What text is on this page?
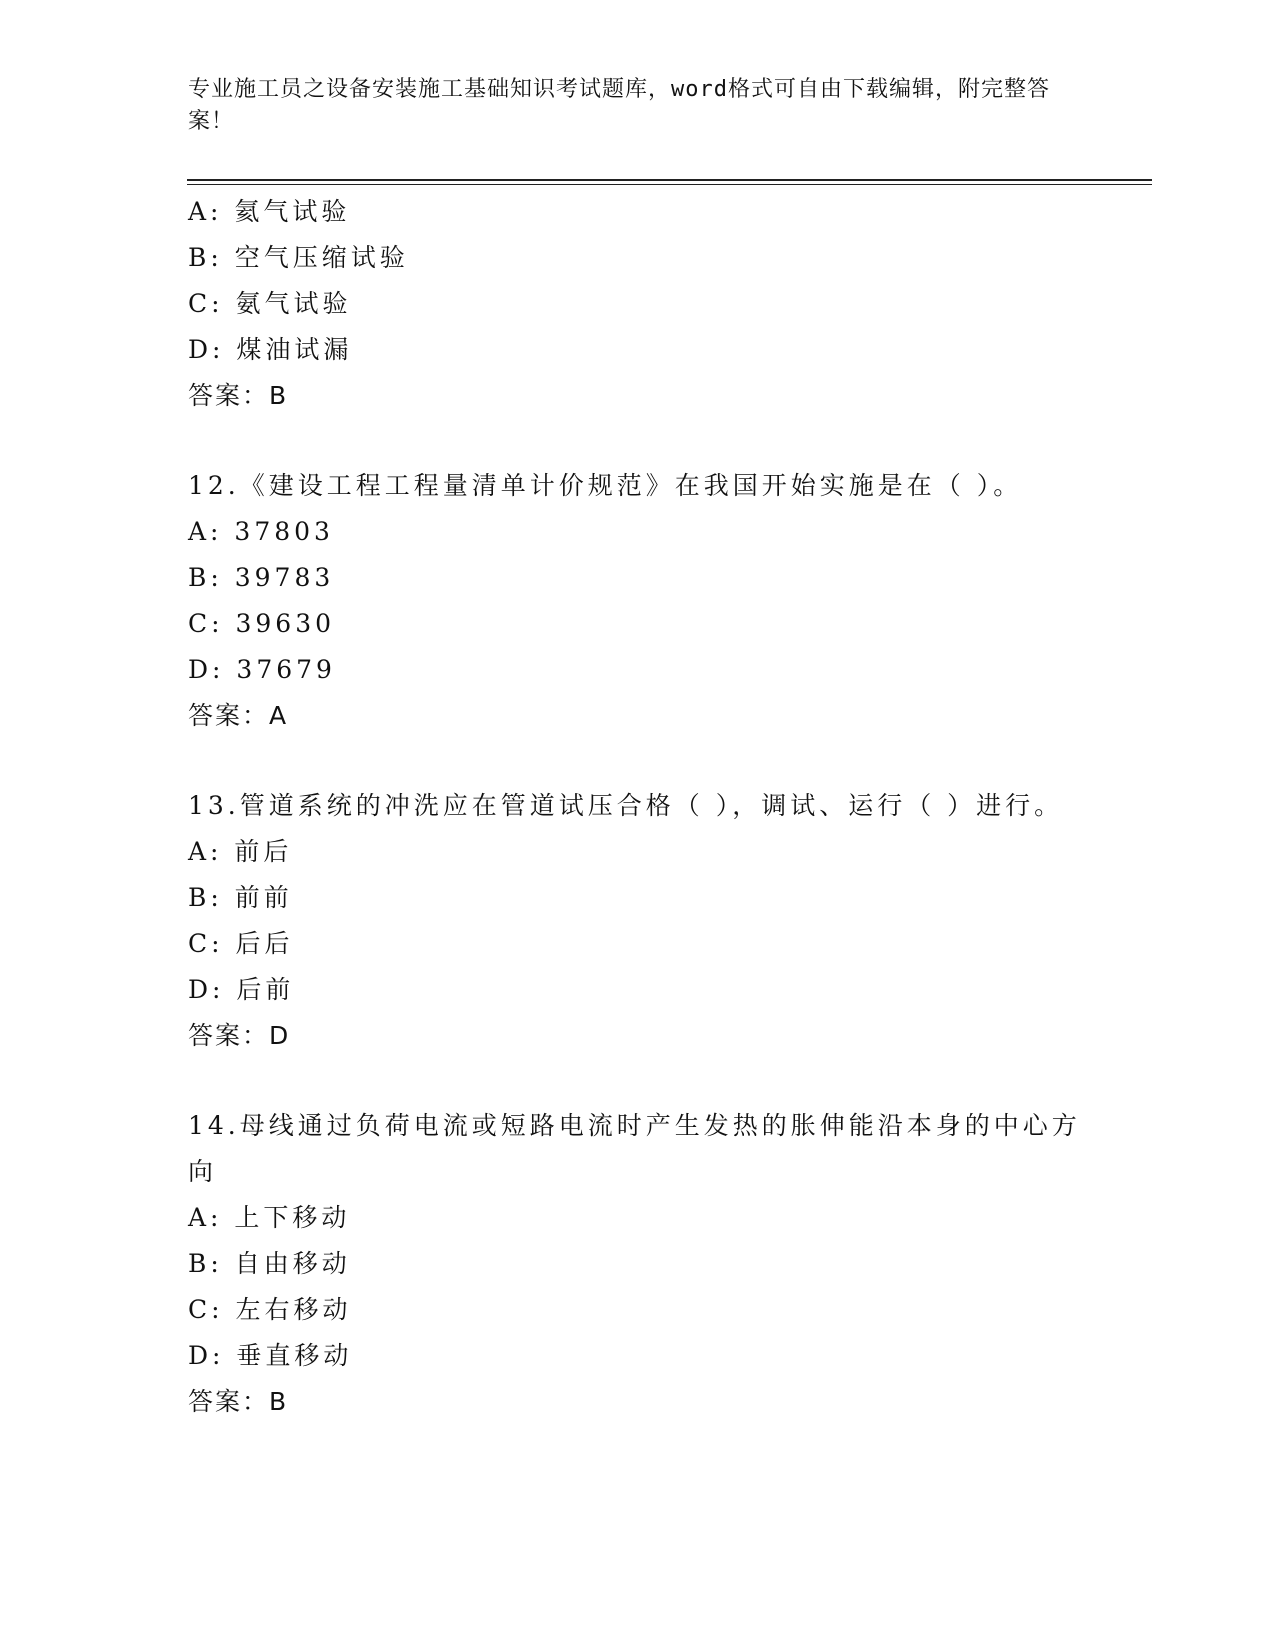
专业施工员之设备安装施工基础知识考试题库，word格式可自由下载编辑，附完整答案！
A: 氦气试验
B: 空气压缩试验
C: 氨气试验
D: 煤油试漏
答案：B
12.《建设工程工程量清单计价规范》在我国开始实施是在（ ）。
A: 37803
B: 39783
C: 39630
D: 37679
答案：A
13.管道系统的冲洗应在管道试压合格（ ），调试、运行（ ）进行。
A: 前后
B: 前前
C: 后后
D: 后前
答案：D
14.母线通过负荷电流或短路电流时产生发热的胀伸能沿本身的中心方向
A: 上下移动
B: 自由移动
C: 左右移动
D: 垂直移动
答案：B
